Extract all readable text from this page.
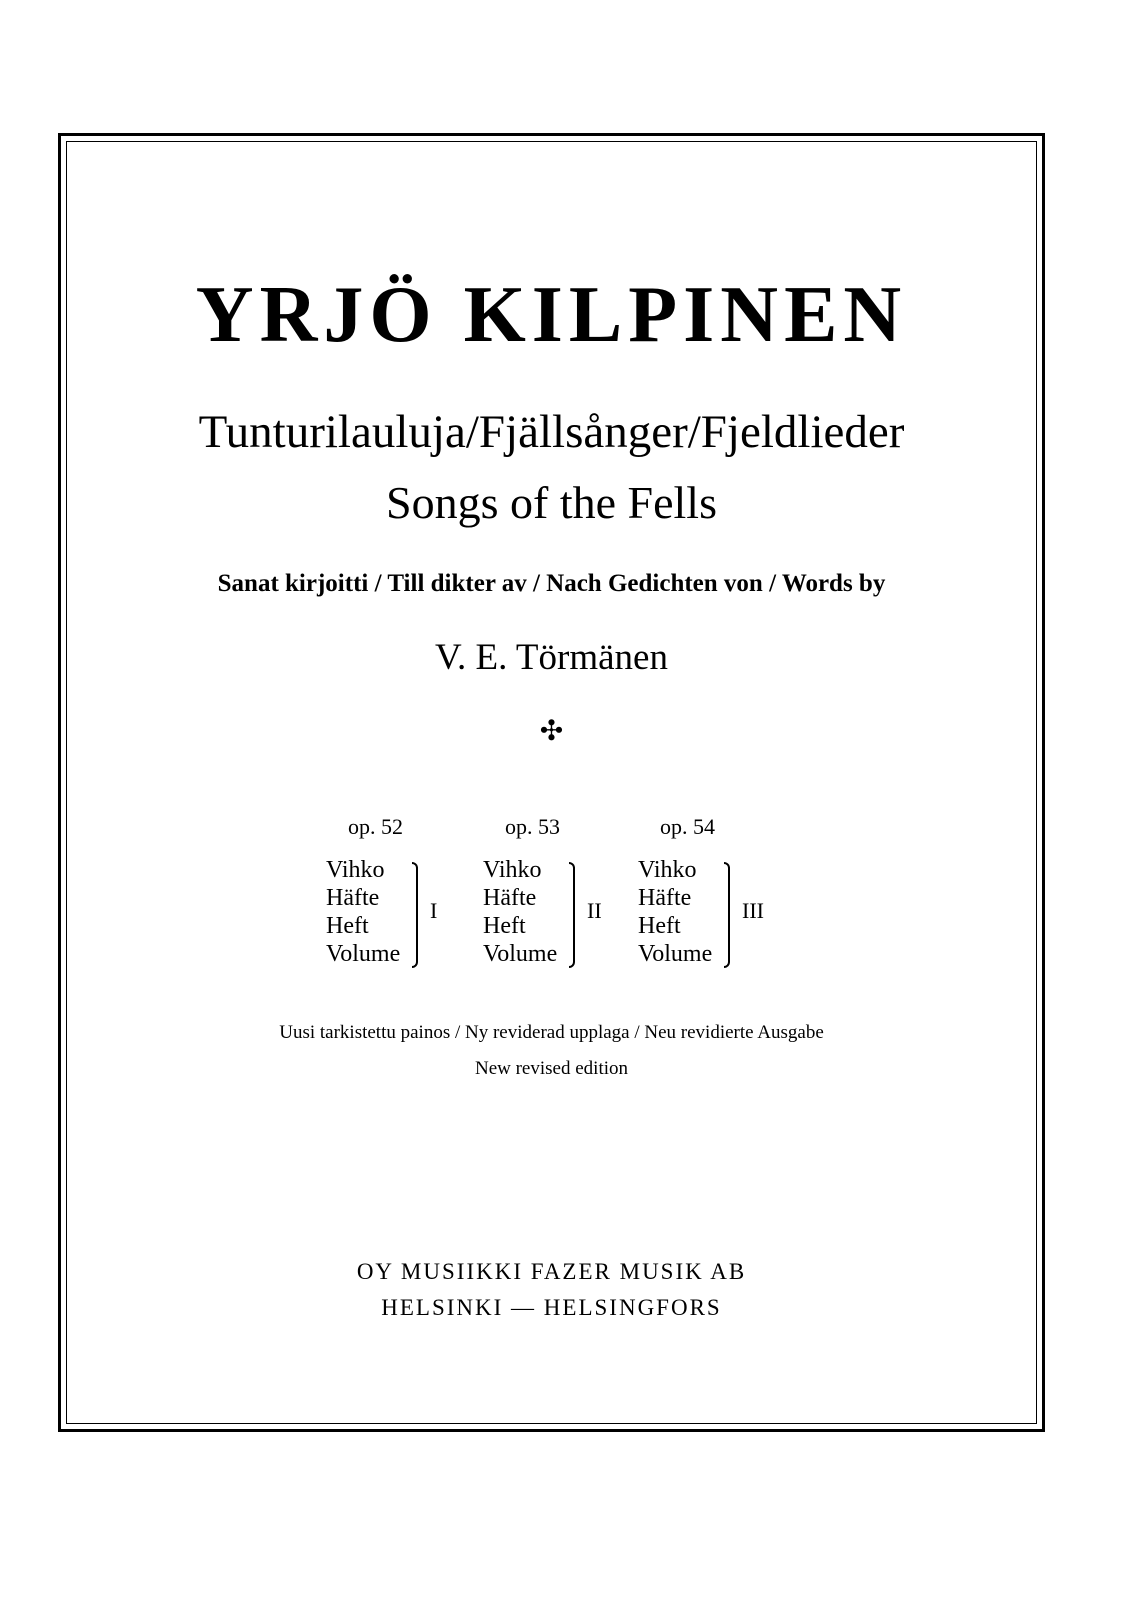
YRJÖ KILPINEN
Tunturilauluja/Fjällsånger/Fjeldlieder
Songs of the Fells
Sanat kirjoitti / Till dikter av / Nach Gedichten von / Words by
V. E. Törmänen
✣
op. 52
Vihko
Häfte
Heft
Volume
I
op. 53
Vihko
Häfte
Heft
Volume
II
op. 54
Vihko
Häfte
Heft
Volume
III
Uusi tarkistettu painos / Ny reviderad upplaga / Neu revidierte Ausgabe
New revised edition
OY MUSIIKKI FAZER MUSIK AB
HELSINKI — HELSINGFORS
